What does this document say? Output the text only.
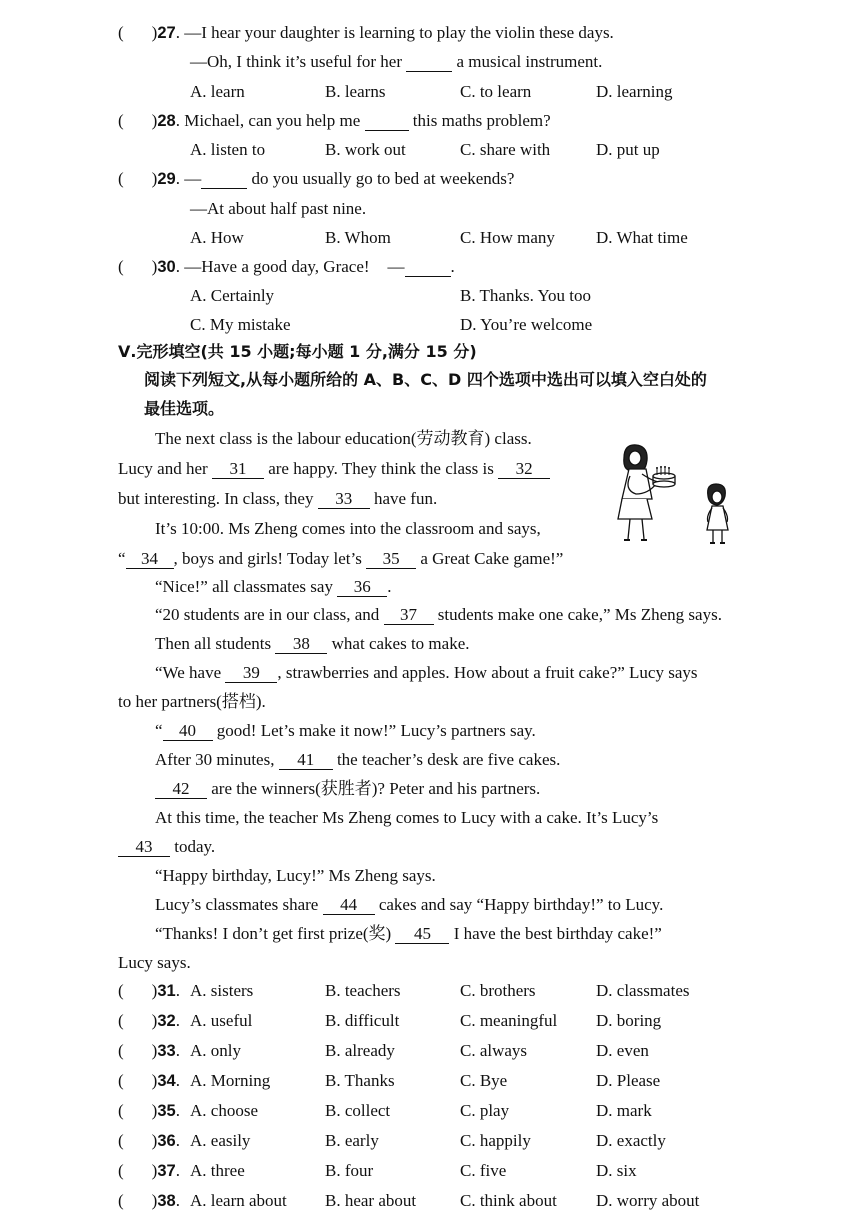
( )27. —I hear your daughter is learning to play the violin these days.
—Oh, I think it’s useful for her	a musical instrument.
A. learn	B. learns	C. to learn	D. learning
( )28. Michael, can you help me	this maths problem?
A. listen to	B. work out	C. share with	D. put up
( )29. —	do you usually go to bed at weekends?
—At about half past nine.
A. How	B. Whom	C. How many D. What time
( )30. —Have a good day, Grace! —	.
A. Certainly	B. Thanks. You too
C. My mistake	D. You’re welcome
Ⅴ.完形填空(共 15 小题;每小题 1 分,满分 15 分)
阅读下列短文,从每小题所给的 A、B、C、D 四个选项中选出可以填入空白处的
最佳选项。
The next class is the labour education(劳动教育) class.
Lucy and her 31 are happy. They think the class is 32
but interesting. In class, they 33 have fun.
It’s 10:00. Ms Zheng comes into the classroom and says,
“ 34 , boys and girls! Today let’s 35 a Great Cake game!”
“Nice!” all classmates say 36 .
“20 students are in our class, and 37 students make one cake,” Ms Zheng says.
Then all students 38 what cakes to make.
“We have 39 , strawberries and apples. How about a fruit cake?” Lucy says
to her partners(搭档).
“ 40 good! Let’s make it now!” Lucy’s partners say.
After 30 minutes, 41 the teacher’s desk are five cakes.
42 are the winners(获胜者)? Peter and his partners.
At this time, the teacher Ms Zheng comes to Lucy with a cake. It’s Lucy’s
43 today.
“Happy birthday, Lucy!” Ms Zheng says.
Lucy’s classmates share 44 cakes and say “Happy birthday!” to Lucy.
“Thanks! I don’t get first prize(奖) 45 I have the best birthday cake!”
Lucy says.
( )31. A. sisters	B. teachers	C. brothers	D. classmates
( )32. A. useful	B. difficult	C. meaningful D. boring
( )33. A. only	B. already	C. always	D. even
( )34. A. Morning	B. Thanks	C. Bye	D. Please
( )35. A. choose	B. collect	C. play	D. mark
( )36. A. easily	B. early	C. happily	D. exactly
( )37. A. three	B. four	C. five	D. six
( )38. A. learn about B. hear about	C. think about D. worry about
